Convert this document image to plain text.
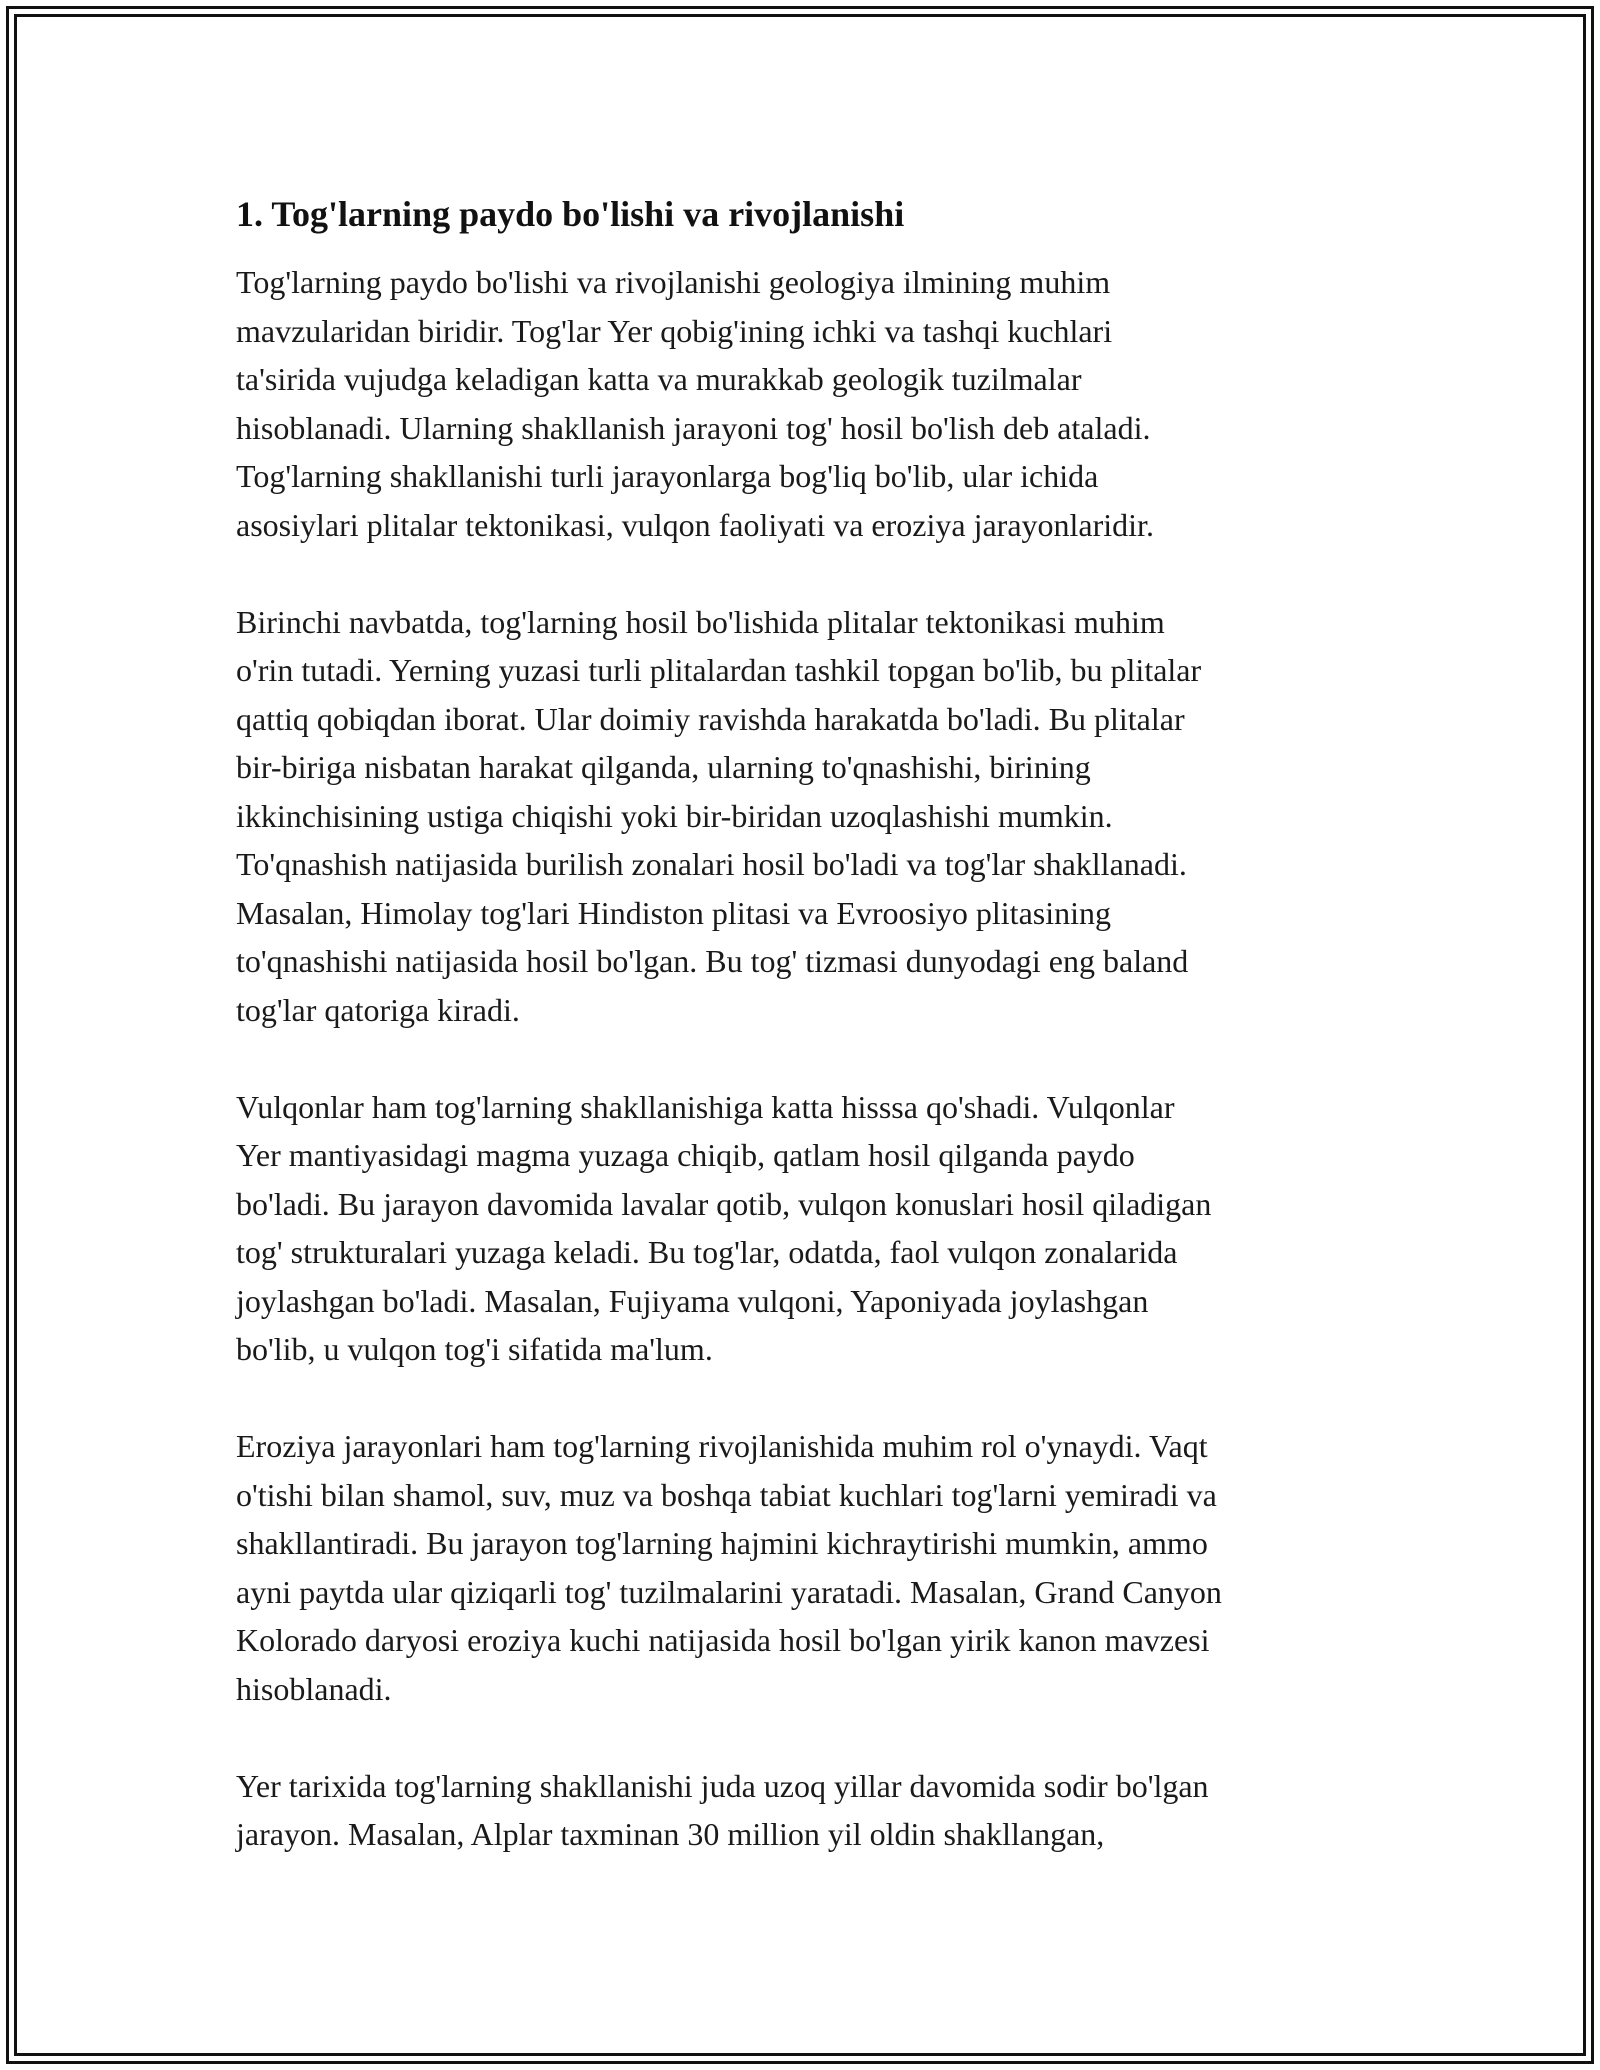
1. Tog'larning paydo bo'lishi va rivojlanishi
Tog'larning paydo bo'lishi va rivojlanishi geologiya ilmining muhim
mavzularidan biridir. Tog'lar Yer qobig'ining ichki va tashqi kuchlari
ta'sirida vujudga keladigan katta va murakkab geologik tuzilmalar
hisoblanadi. Ularning shakllanish jarayoni tog' hosil bo'lish deb ataladi.
Tog'larning shakllanishi turli jarayonlarga bog'liq bo'lib, ular ichida
asosiylari plitalar tektonikasi, vulqon faoliyati va eroziya jarayonlaridir.
Birinchi navbatda, tog'larning hosil bo'lishida plitalar tektonikasi muhim
o'rin tutadi. Yerning yuzasi turli plitalardan tashkil topgan bo'lib, bu plitalar
qattiq qobiqdan iborat. Ular doimiy ravishda harakatda bo'ladi. Bu plitalar
bir-biriga nisbatan harakat qilganda, ularning to'qnashishi, birining
ikkinchisining ustiga chiqishi yoki bir-biridan uzoqlashishi mumkin.
To'qnashish natijasida burilish zonalari hosil bo'ladi va tog'lar shakllanadi.
Masalan, Himolay tog'lari Hindiston plitasi va Evroosiyo plitasining
to'qnashishi natijasida hosil bo'lgan. Bu tog' tizmasi dunyodagi eng baland
tog'lar qatoriga kiradi.
Vulqonlar ham tog'larning shakllanishiga katta hisssa qo'shadi. Vulqonlar
Yer mantiyasidagi magma yuzaga chiqib, qatlam hosil qilganda paydo
bo'ladi. Bu jarayon davomida lavalar qotib, vulqon konuslari hosil qiladigan
tog' strukturalari yuzaga keladi. Bu tog'lar, odatda, faol vulqon zonalarida
joylashgan bo'ladi. Masalan, Fujiyama vulqoni, Yaponiyada joylashgan
bo'lib, u vulqon tog'i sifatida ma'lum.
Eroziya jarayonlari ham tog'larning rivojlanishida muhim rol o'ynaydi. Vaqt
o'tishi bilan shamol, suv, muz va boshqa tabiat kuchlari tog'larni yemiradi va
shakllantiradi. Bu jarayon tog'larning hajmini kichraytirishi mumkin, ammo
ayni paytda ular qiziqarli tog' tuzilmalarini yaratadi. Masalan, Grand Canyon
Kolorado daryosi eroziya kuchi natijasida hosil bo'lgan yirik kanon mavzesi
hisoblanadi.
Yer tarixida tog'larning shakllanishi juda uzoq yillar davomida sodir bo'lgan
jarayon. Masalan, Alplar taxminan 30 million yil oldin shakllangan,
